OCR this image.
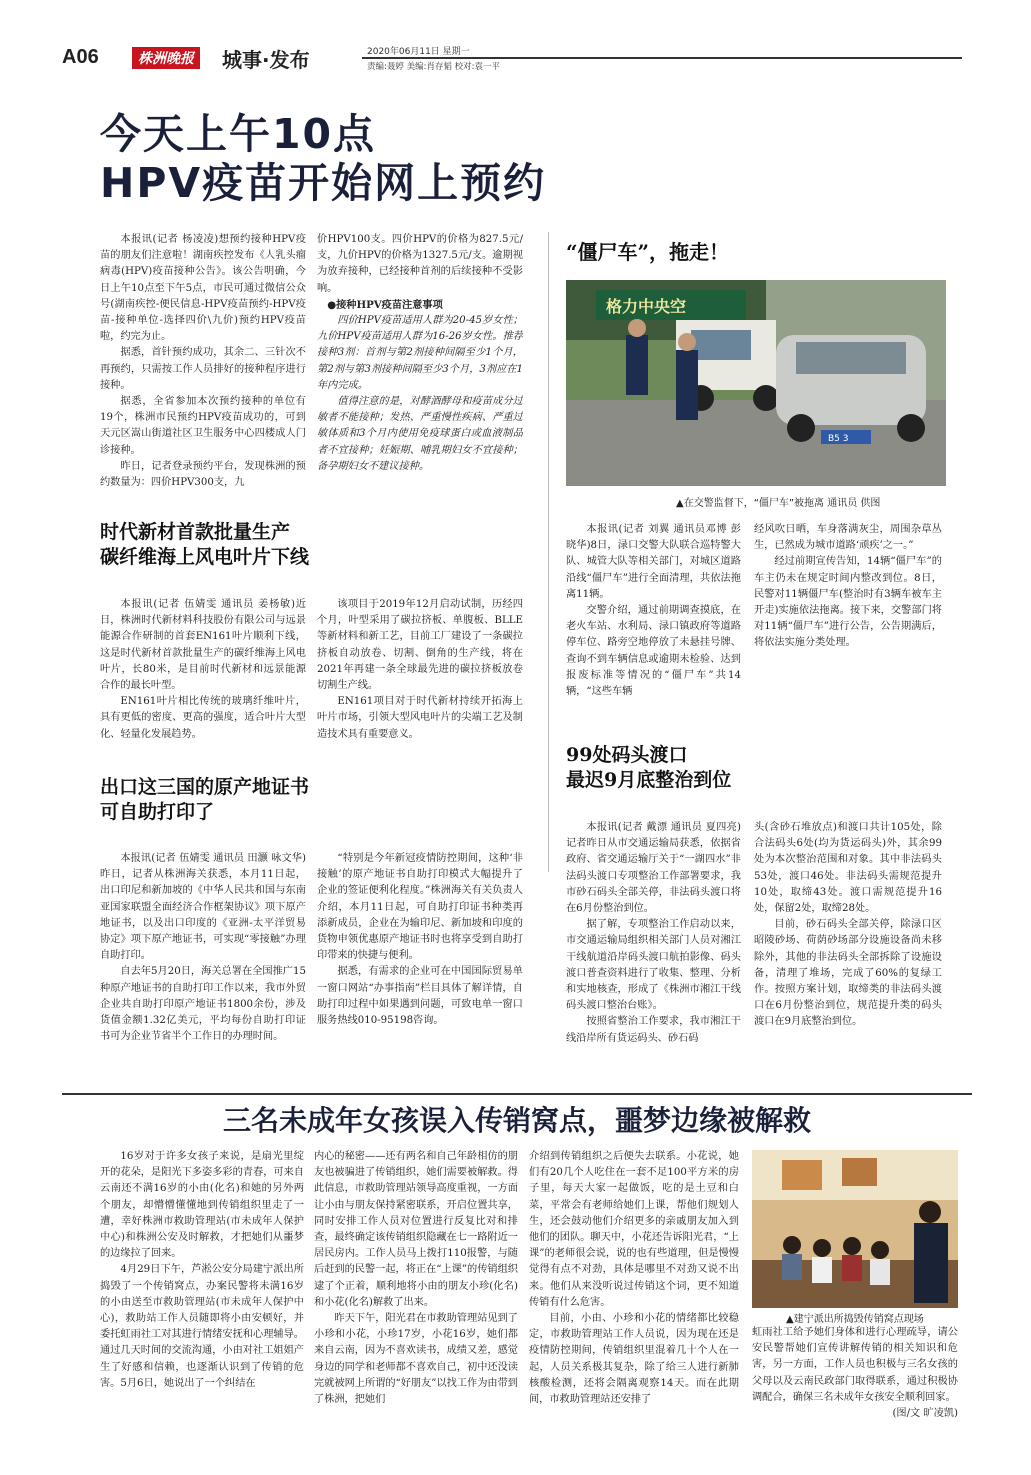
A06	株洲晚报	城事·发布	2020年06月11日 星期一
责编:聂婷 美编:肖存韬 校对:袁一平
今天上午10点
HPV疫苗开始网上预约

本报讯(记者 杨凌凌)想预约接种HPV疫苗的朋友们注意啦！湖南疾控发布《人乳头瘤病毒(HPV)疫苗接种公告》。该公告明确，今日上午10点至下午5点，市民可通过微信公众号(湖南疾控-便民信息-HPV疫苗预约-HPV疫苗-接种单位-选择四价\九价)预约HPV疫苗啦，约完为止。

据悉，首针预约成功，其余二、三针次不再预约，只需按工作人员排好的接种程序进行接种。

据悉，全省参加本次预约接种的单位有19个，株洲市民预约HPV疫苗成功的，可到天元区嵩山街道社区卫生服务中心四楼成人门诊接种。

昨日，记者登录预约平台，发现株洲的预约数量为：四价HPV300支，九

价HPV100支。四价HPV的价格为827.5元/支，九价HPV的价格为1327.5元/支。逾期视为放弃接种，已经接种首剂的后续接种不受影响。

●接种HPV疫苗注意事项

四价HPV疫苗适用人群为20-45岁女性；九价HPV疫苗适用人群为16-26岁女性。推荐接种3剂：首剂与第2剂接种间隔至少1个月，第2剂与第3剂接种间隔至少3个月，3剂应在1年内完成。

值得注意的是，对酵酒酵母和疫苗成分过敏者不能接种；发热、严重慢性疾病、严重过敏体质和3个月内使用免疫球蛋白或血液制品者不宜接种；妊娠期、哺乳期妇女不宜接种；备孕期妇女不建议接种。

“僵尸车”，拖走！
格力中央空
B5 3
▲在交警监督下，“僵尸车”被拖离 通讯员 供图

本报讯(记者 刘翼 通讯员邓博 彭晓华)8日，渌口交警大队联合巡特警大队、城管大队等相关部门，对城区道路沿线“僵尸车”进行全面清理，共依法拖离11辆。

交警介绍，通过前期调查摸底，在老火车站、水利局、渌口镇政府等道路停车位、路旁空地停放了未悬挂号牌、查询不到车辆信息或逾期未检验、达到报废标准等情况的“僵尸车”共14辆，“这些车辆

经风吹日晒，车身落满灰尘，周围杂草丛生，已然成为城市道路‘顽疾’之一。”

经过前期宣传告知，14辆“僵尸车”的车主仍未在规定时间内整改到位。8日，民警对11辆僵尸车(整治时有3辆车被车主开走)实施依法拖离。接下来，交警部门将对11辆“僵尸车”进行公告，公告期满后，将依法实施分类处理。

时代新材首款批量生产
碳纤维海上风电叶片下线

本报讯(记者 伍婧雯 通讯员 姜杨敏)近日，株洲时代新材料科技股份有限公司与远景能源合作研制的首套EN161叶片顺利下线，这是时代新材首款批量生产的碳纤维海上风电叶片，长80米，是目前时代新材和远景能源合作的最长叶型。

EN161叶片相比传统的玻璃纤维叶片，具有更低的密度、更高的强度，适合叶片大型化、轻量化发展趋势。

该项目于2019年12月启动试制，历经四个月，叶型采用了碳拉挤板、单腹板、BLLE等新材料和新工艺，目前工厂建设了一条碳拉挤板自动放卷、切割、倒角的生产线，将在2021年再建一条全球最先进的碳拉挤板放卷切割生产线。

EN161项目对于时代新材持续开拓海上叶片市场，引领大型风电叶片的尖端工艺及制造技术具有重要意义。

出口这三国的原产地证书
可自助打印了

本报讯(记者 伍婧雯 通讯员 田灏 咏文华)昨日，记者从株洲海关获悉，本月11日起，出口印尼和新加坡的《中华人民共和国与东南亚国家联盟全面经济合作框架协议》项下原产地证书，以及出口印度的《亚洲-太平洋贸易协定》项下原产地证书，可实现“零接触”办理自助打印。

自去年5月20日，海关总署在全国推广15种原产地证书的自助打印工作以来，我市外贸企业共自助打印原产地证书1800余份，涉及货值金额1.32亿美元，平均每份自助打印证书可为企业节省半个工作日的办理时间。

“特别是今年新冠疫情防控期间，这种‘非接触’的原产地证书自助打印模式大幅提升了企业的签证便利化程度。”株洲海关有关负责人介绍，本月11日起，可自助打印证书种类再添新成员，企业在为输印尼、新加坡和印度的货物申领优惠原产地证书时也将享受到自助打印带来的快捷与便利。

据悉，有需求的企业可在中国国际贸易单一窗口网站“办事指南”栏目具体了解详情，自助打印过程中如果遇到问题，可致电单一窗口服务热线010-95198咨询。

99处码头渡口
最迟9月底整治到位

本报讯(记者 戴漂 通讯员 夏四亮)记者昨日从市交通运输局获悉，依据省政府、省交通运输厅关于“一湖四水”非法码头渡口专项整治工作部署要求，我市砂石码头全部关停，非法码头渡口将在6月份整治到位。

据了解，专项整治工作启动以来，市交通运输局组织相关部门人员对湘江干线航道沿岸码头渡口航拍影像、码头渡口普查资料进行了收集、整理、分析和实地核查，形成了《株洲市湘江干线码头渡口整治台账》。

按照省整治工作要求，我市湘江干线沿岸所有货运码头、砂石码

头(含砂石堆放点)和渡口共计105处，除合法码头6处(均为货运码头)外，其余99处为本次整治范围和对象。其中非法码头53处，渡口46处。非法码头需规范提升10处，取缔43处。渡口需规范提升16处，保留2处，取缔28处。

目前，砂石码头全部关停，除渌口区昭陵砂场、荷荫砂场部分设施设备尚未移除外，其他的非法码头全部拆除了设施设备，清理了堆场，完成了60%的复绿工作。按照方案计划，取缔类的非法码头渡口在6月份整治到位，规范提升类的码头渡口在9月底整治到位。

三名未成年女孩误入传销窝点，噩梦边缘被解救

16岁对于许多女孩子来说，是扇光里绽开的花朵，是阳光下多姿多彩的青春，可来自云南还不满16岁的小由(化名)和她的另外两个朋友，却懵懵懂懂地到传销组织里走了一遭，幸好株洲市救助管理站(市未成年人保护中心)和株洲公安及时解救，才把她们从噩梦的边缘拉了回来。

4月29日下午，芦淞公安分局建宁派出所捣毁了一个传销窝点，办案民警将未满16岁的小由送至市救助管理站(市未成年人保护中心)，救助站工作人员随即将小由安顿好，并委托虹雨社工对其进行情绪安抚和心理辅导。通过几天时间的交流沟通，小由对社工姐姐产生了好感和信赖，也逐渐认识到了传销的危害。5月6日，她说出了一个纠结在

内心的秘密——还有两名和自己年龄相仿的朋友也被骗进了传销组织，她们需要被解救。得此信息，市救助管理站领导高度重视，一方面让小由与朋友保持紧密联系，开启位置共享，同时安排工作人员对位置进行反复比对和排查，最终确定该传销组织隐藏在七一路附近一居民房内。工作人员马上拨打110报警，与随后赶到的民警一起，将正在“上课”的传销组织逮了个正着，顺利地将小由的朋友小珍(化名)和小花(化名)解救了出来。

昨天下午，阳光君在市救助管理站见到了小珍和小花，小珍17岁，小花16岁，她们都来自云南，因为不喜欢读书，成绩又差，感觉身边的同学和老师都不喜欢自己，初中还没读完就被网上所谓的“好朋友”以找工作为由带到了株洲，把她们

介绍到传销组织之后便失去联系。小花说，她们有20几个人吃住在一套不足100平方米的房子里，每天大家一起做饭，吃的是土豆和白菜，平常会有老师给她们上课，帮他们规划人生，还会鼓动他们介绍更多的亲戚朋友加入到他们的团队。聊天中，小花还告诉阳光君，“上课”的老师很会说，说的也有些道理，但是慢慢觉得有点不对劲，具体是哪里不对劲又说不出来。他们从来没听说过传销这个词，更不知道传销有什么危害。

目前，小由、小珍和小花的情绪都比较稳定，市救助管理站工作人员说，因为现在还是疫情防控期间，传销组织里混着几十个人在一起，人员关系极其复杂，除了给三人进行新肺核酸检测，还将会隔离观察14天。而在此期间，市救助管理站还安排了

▲建宁派出所捣毁传销窝点现场

虹雨社工给予她们身体和进行心理疏导，请公安民警帮她们宣传讲解传销的相关知识和危害，另一方面，工作人员也积极与三名女孩的父母以及云南民政部门取得联系，通过积极协调配合，确保三名未成年女孩安全顺利回家。

(图/文 旷凌凯)
